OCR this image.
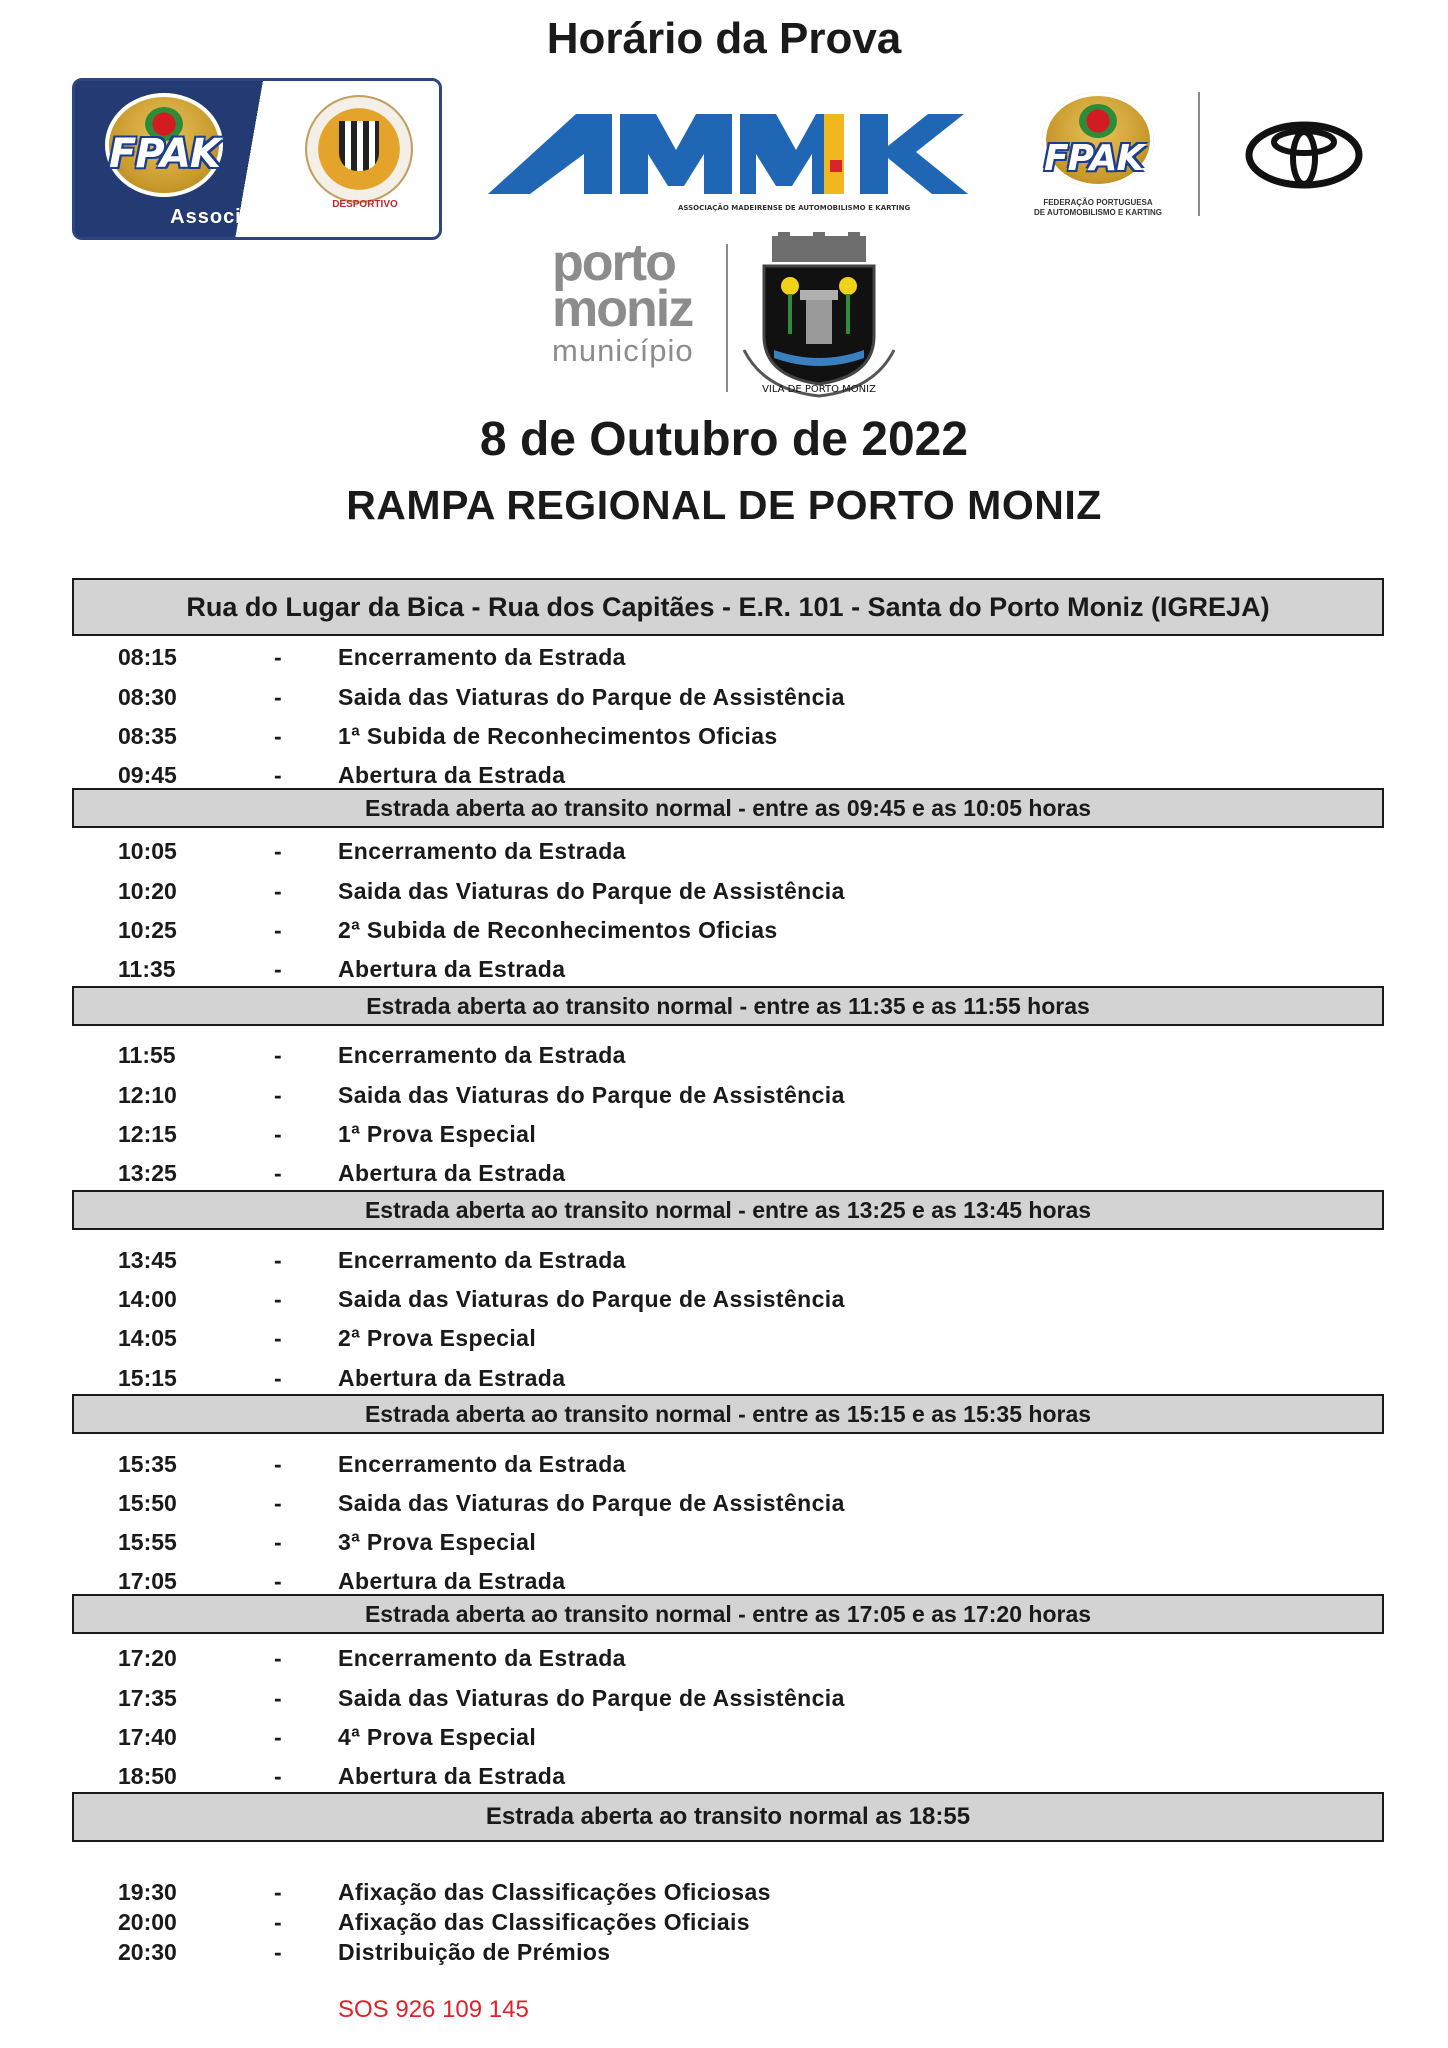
Horário da Prova
FPAK
DESPORTIVO
Associado FPAK	ASSOCIAÇÃO MADEIRENSE DE AUTOMOBILISMO E KARTING
FPAK
FEDERAÇÃO PORTUGUESA
DE AUTOMOBILISMO E KARTING
porto
moniz
município
VILA DE PORTO MONIZ
8 de Outubro de 2022
RAMPA REGIONAL DE PORTO MONIZ
Rua do Lugar da Bica - Rua dos Capitães - E.R. 101 - Santa do Porto Moniz (IGREJA)
08:15	- Encerramento da Estrada
08:30	- Saida das Viaturas do Parque de Assistência
08:35	- 1ª Subida de Reconhecimentos Oficias
09:45	- Abertura da Estrada
Estrada aberta ao transito normal - entre as 09:45 e as 10:05 horas
10:05	- Encerramento da Estrada
10:20	- Saida das Viaturas do Parque de Assistência
10:25	- 2ª Subida de Reconhecimentos Oficias
11:35	- Abertura da Estrada
Estrada aberta ao transito normal - entre as 11:35 e as 11:55 horas
11:55	- Encerramento da Estrada
12:10	- Saida das Viaturas do Parque de Assistência
12:15	- 1ª Prova Especial
13:25	- Abertura da Estrada
Estrada aberta ao transito normal - entre as 13:25 e as 13:45 horas
13:45	- Encerramento da Estrada
14:00	- Saida das Viaturas do Parque de Assistência
14:05	- 2ª Prova Especial
15:15	- Abertura da Estrada
Estrada aberta ao transito normal - entre as 15:15 e as 15:35 horas
15:35	- Encerramento da Estrada
15:50	- Saida das Viaturas do Parque de Assistência
15:55	- 3ª Prova Especial
17:05	- Abertura da Estrada
Estrada aberta ao transito normal - entre as 17:05 e as 17:20 horas
17:20	- Encerramento da Estrada
17:35	- Saida das Viaturas do Parque de Assistência
17:40	- 4ª Prova Especial
18:50	- Abertura da Estrada
Estrada aberta ao transito normal as 18:55
19:30	- Afixação das Classificações Oficiosas
20:00	- Afixação das Classificações Oficiais
20:30	- Distribuição de Prémios
SOS 926 109 145
